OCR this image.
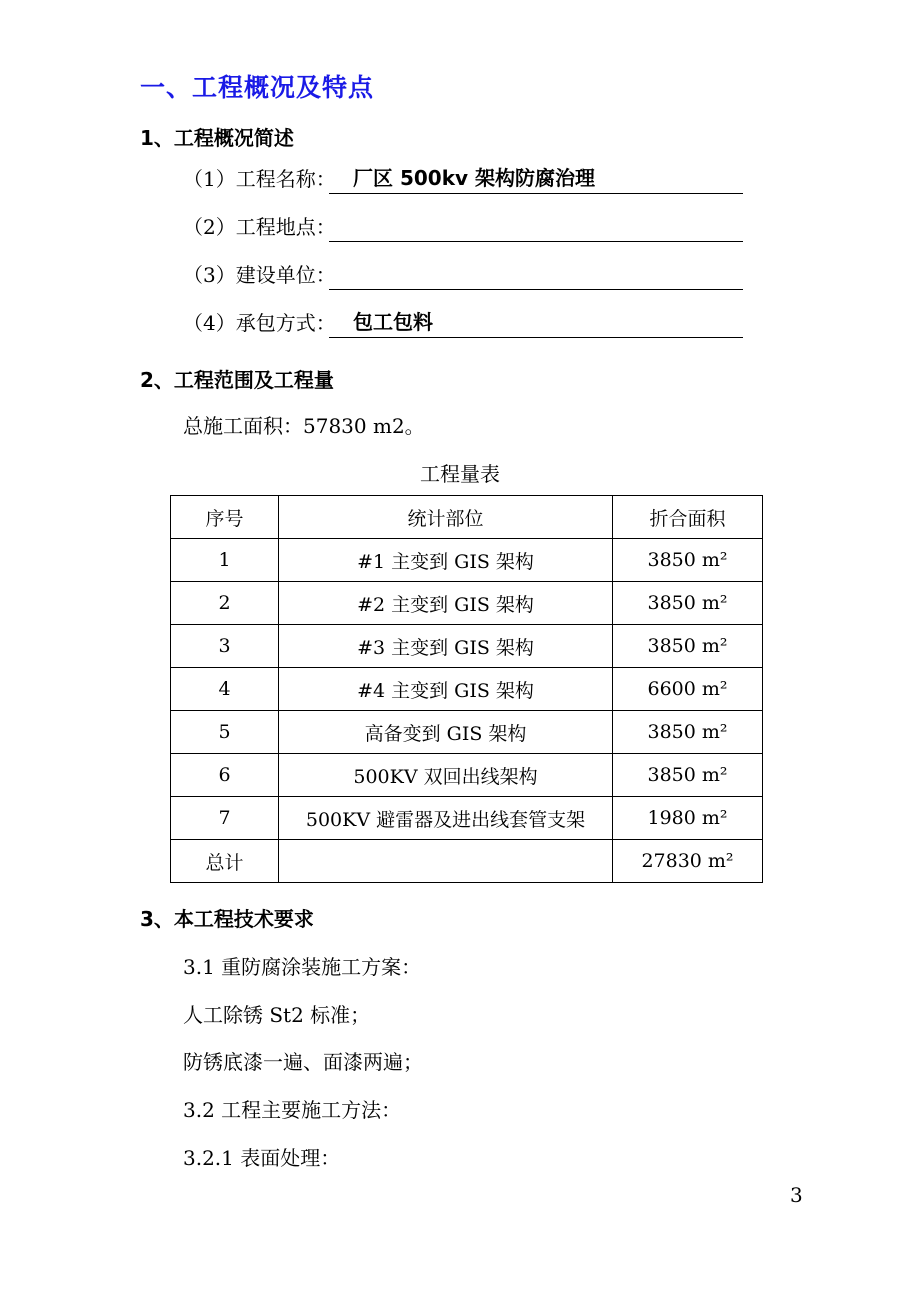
一、工程概况及特点
1、工程概况简述
（1）工程名称： 厂区 500kv 架构防腐治理
（2）工程地点：
（3）建设单位：
（4）承包方式： 包工包料
2、工程范围及工程量
总施工面积：57830 m2。
工程量表
序号	统计部位	折合面积
1	#1 主变到 GIS 架构	3850 m²
2	#2 主变到 GIS 架构	3850 m²
3	#3 主变到 GIS 架构	3850 m²
4	#4 主变到 GIS 架构	6600 m²
5	高备变到 GIS 架构	3850 m²
6	500KV 双回出线架构	3850 m²
7	500KV 避雷器及进出线套管支架	1980 m²
总计		27830 m²
3、本工程技术要求
3.1 重防腐涂装施工方案：
人工除锈 St2 标准；
防锈底漆一遍、面漆两遍；
3.2 工程主要施工方法：
3.2.1 表面处理：
3
